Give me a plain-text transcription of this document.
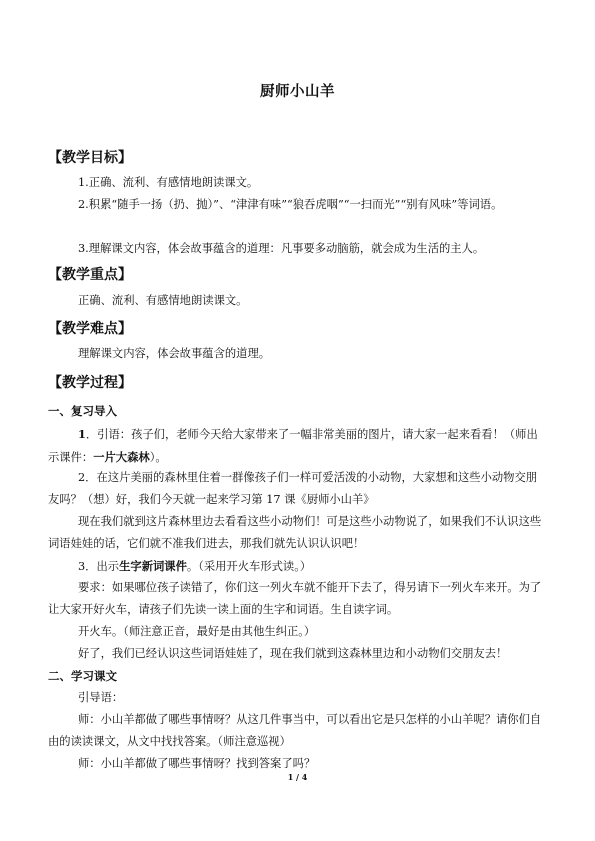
厨师小山羊
【教学目标】
1.正确、流利、有感情地朗读课文。
2.积累“随手一扬（扔、抛）”、“津津有味”“狼吞虎咽”“一扫而光”“别有风味”等词语。
3.理解课文内容，体会故事蕴含的道理：凡事要多动脑筋，就会成为生活的主人。
【教学重点】
正确、流利、有感情地朗读课文。
【教学难点】
理解课文内容，体会故事蕴含的道理。
【教学过程】
一、复习导入
1．引语：孩子们，老师今天给大家带来了一幅非常美丽的图片，请大家一起来看看！（师出示课件：一片大森林）。
2．在这片美丽的森林里住着一群像孩子们一样可爱活泼的小动物，大家想和这些小动物交朋友吗？（想）好，我们今天就一起来学习第 17 课《厨师小山羊》
现在我们就到这片森林里边去看看这些小动物们！可是这些小动物说了，如果我们不认识这些词语娃娃的话，它们就不准我们进去，那我们就先认识认识吧！
3．出示生字新词课件。（采用开火车形式读。）
要求：如果哪位孩子读错了，你们这一列火车就不能开下去了，得另请下一列火车来开。为了让大家开好火车，请孩子们先读一读上面的生字和词语。生自读字词。
开火车。（师注意正音，最好是由其他生纠正。）
好了，我们已经认识这些词语娃娃了，现在我们就到这森林里边和小动物们交朋友去！
二、学习课文
引导语：
师：小山羊都做了哪些事情呀？从这几件事当中，可以看出它是只怎样的小山羊呢？请你们自由的读读课文，从文中找找答案。（师注意巡视）
师：小山羊都做了哪些事情呀？找到答案了吗？
1 / 4
